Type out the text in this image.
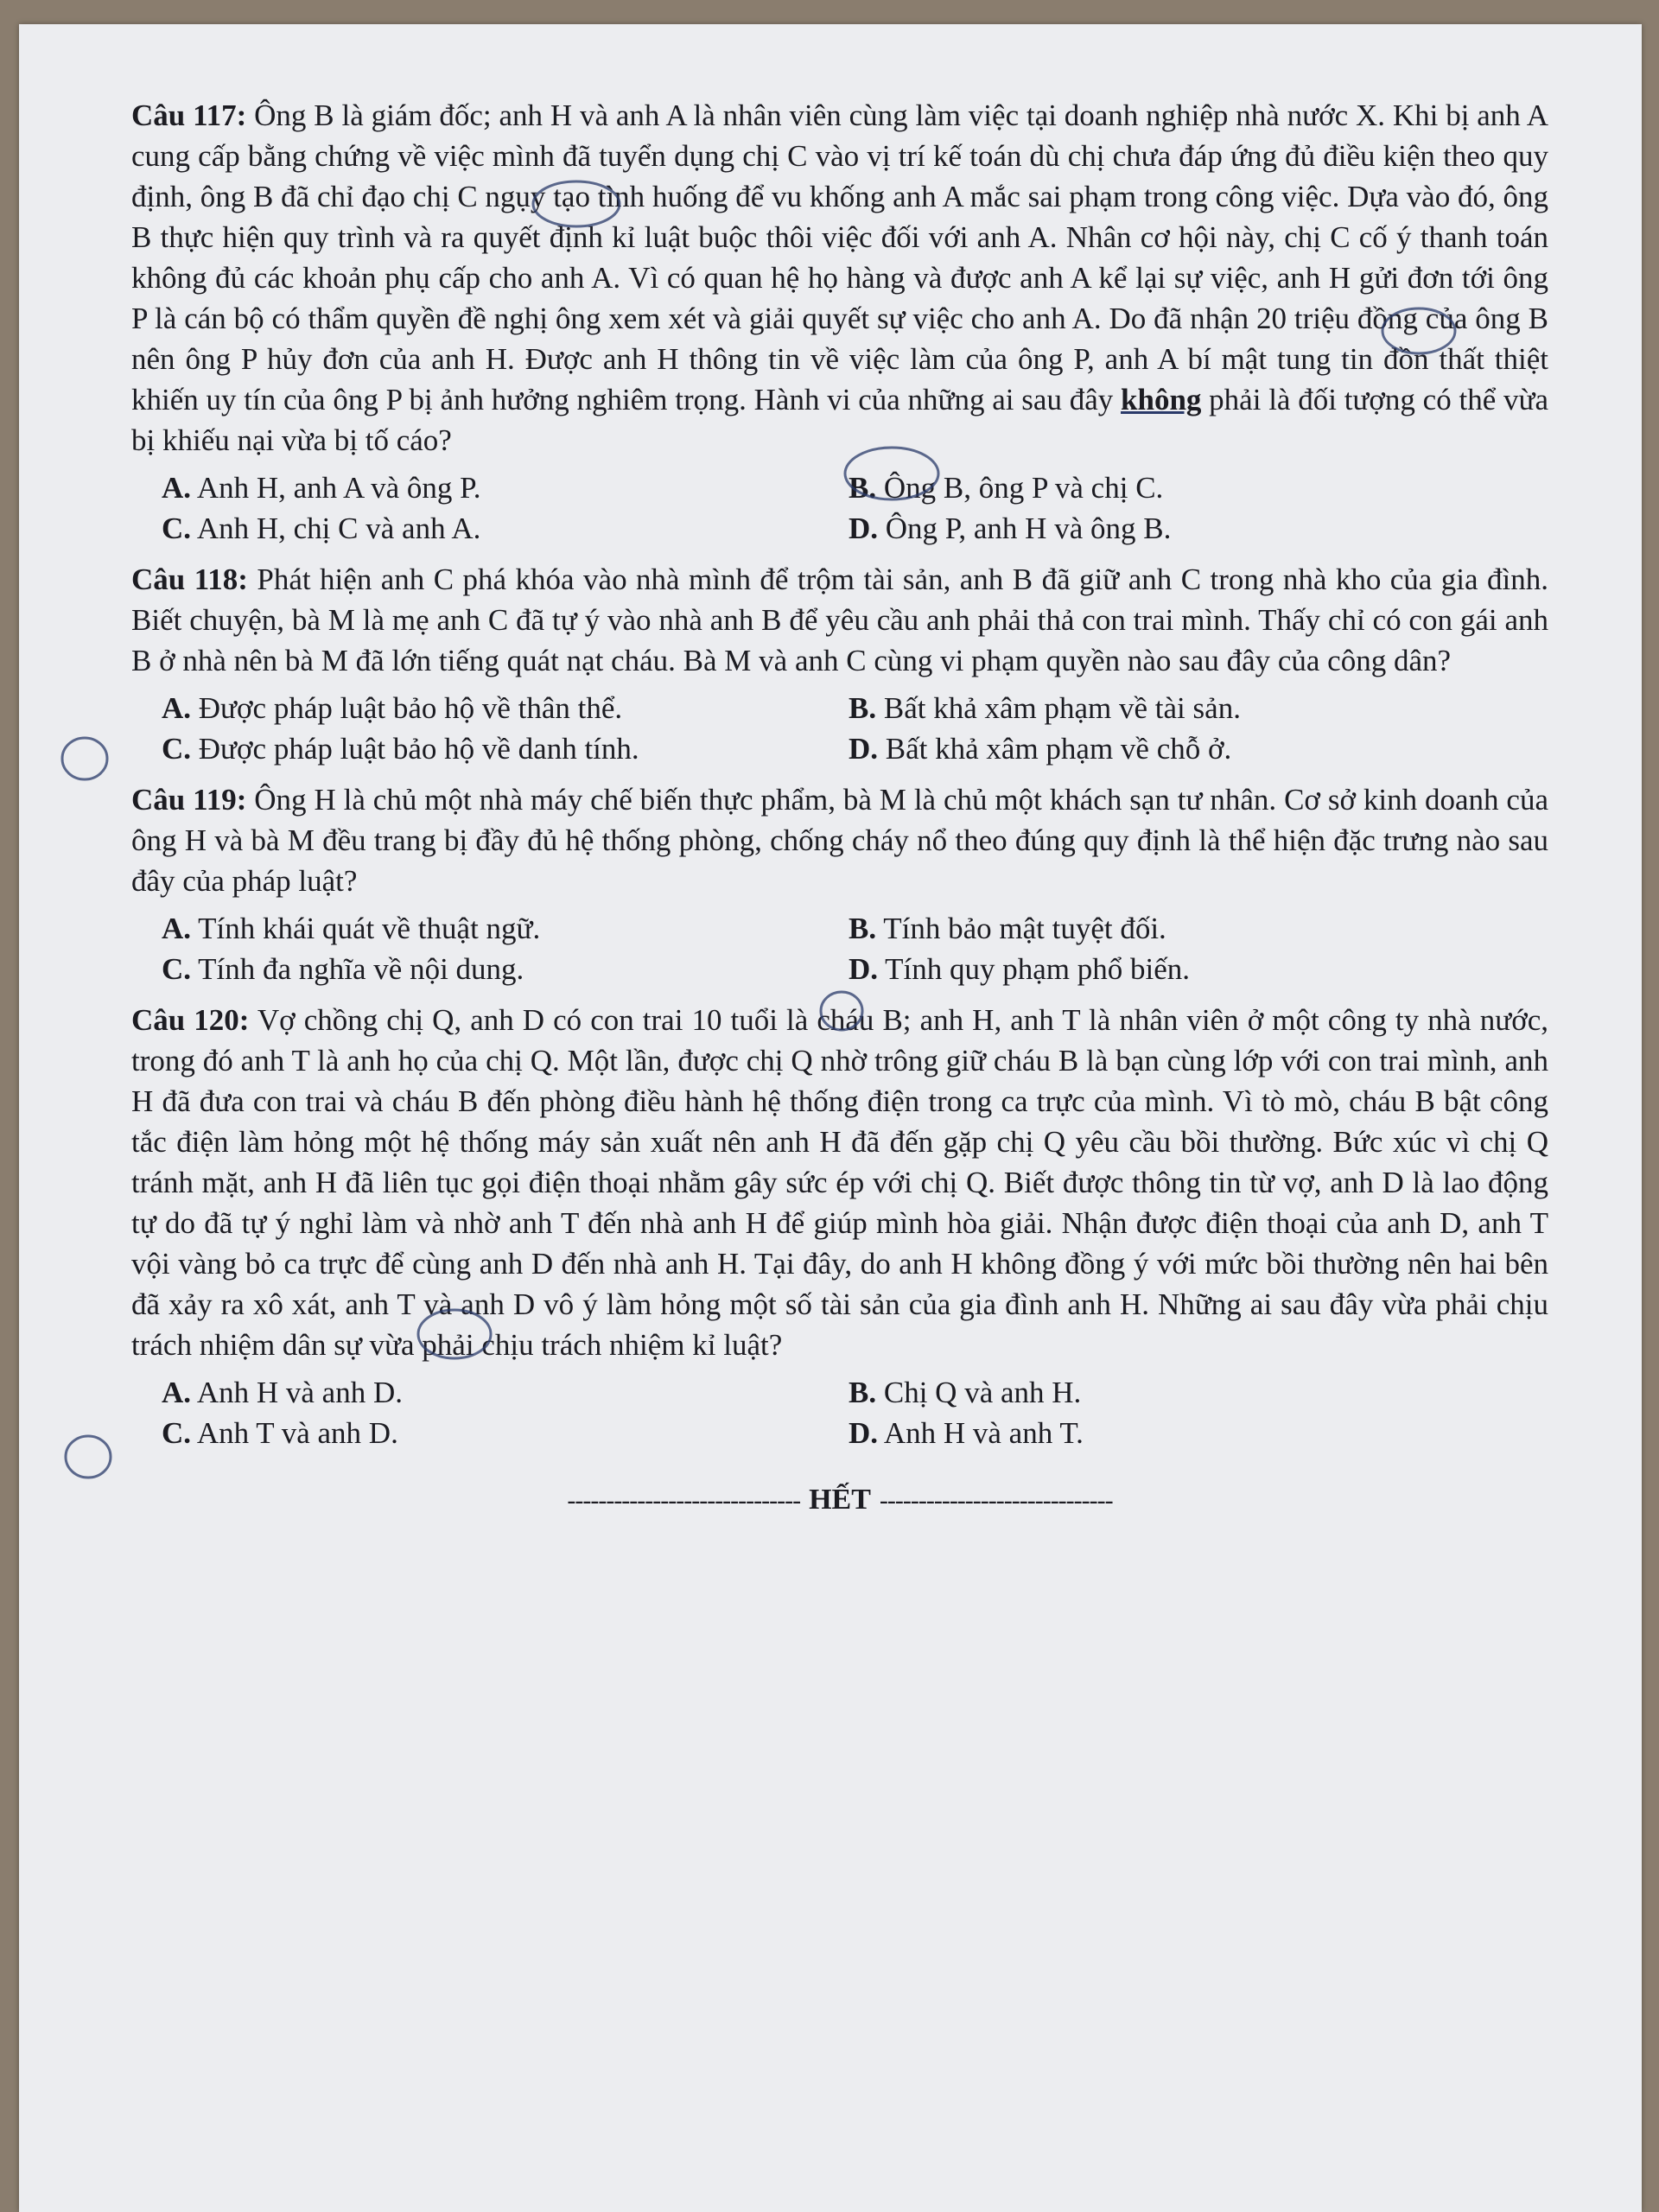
Câu 117: Ông B là giám đốc; anh H và anh A là nhân viên cùng làm việc tại doanh nghiệp nhà nước X. Khi bị anh A cung cấp bằng chứng về việc mình đã tuyển dụng chị C vào vị trí kế toán dù chị chưa đáp ứng đủ điều kiện theo quy định, ông B đã chỉ đạo chị C ngụy tạo tình huống để vu khống anh A mắc sai phạm trong công việc. Dựa vào đó, ông B thực hiện quy trình và ra quyết định kỉ luật buộc thôi việc đối với anh A. Nhân cơ hội này, chị C cố ý thanh toán không đủ các khoản phụ cấp cho anh A. Vì có quan hệ họ hàng và được anh A kể lại sự việc, anh H gửi đơn tới ông P là cán bộ có thẩm quyền đề nghị ông xem xét và giải quyết sự việc cho anh A. Do đã nhận 20 triệu đồng của ông B nên ông P hủy đơn của anh H. Được anh H thông tin về việc làm của ông P, anh A bí mật tung tin đồn thất thiệt khiến uy tín của ông P bị ảnh hưởng nghiêm trọng. Hành vi của những ai sau đây không phải là đối tượng có thể vừa bị khiếu nại vừa bị tố cáo?

A. Anh H, anh A và ông P.	B. Ông B, ông P và chị C.
C. Anh H, chị C và anh A.	D. Ông P, anh H và ông B.

Câu 118: Phát hiện anh C phá khóa vào nhà mình để trộm tài sản, anh B đã giữ anh C trong nhà kho của gia đình. Biết chuyện, bà M là mẹ anh C đã tự ý vào nhà anh B để yêu cầu anh phải thả con trai mình. Thấy chỉ có con gái anh B ở nhà nên bà M đã lớn tiếng quát nạt cháu. Bà M và anh C cùng vi phạm quyền nào sau đây của công dân?

A. Được pháp luật bảo hộ về thân thể.	B. Bất khả xâm phạm về tài sản.
C. Được pháp luật bảo hộ về danh tính.	D. Bất khả xâm phạm về chỗ ở.

Câu 119: Ông H là chủ một nhà máy chế biến thực phẩm, bà M là chủ một khách sạn tư nhân. Cơ sở kinh doanh của ông H và bà M đều trang bị đầy đủ hệ thống phòng, chống cháy nổ theo đúng quy định là thể hiện đặc trưng nào sau đây của pháp luật?

A. Tính khái quát về thuật ngữ.	B. Tính bảo mật tuyệt đối.
C. Tính đa nghĩa về nội dung.	D. Tính quy phạm phổ biến.

Câu 120: Vợ chồng chị Q, anh D có con trai 10 tuổi là cháu B; anh H, anh T là nhân viên ở một công ty nhà nước, trong đó anh T là anh họ của chị Q. Một lần, được chị Q nhờ trông giữ cháu B là bạn cùng lớp với con trai mình, anh H đã đưa con trai và cháu B đến phòng điều hành hệ thống điện trong ca trực của mình. Vì tò mò, cháu B bật công tắc điện làm hỏng một hệ thống máy sản xuất nên anh H đã đến gặp chị Q yêu cầu bồi thường. Bức xúc vì chị Q tránh mặt, anh H đã liên tục gọi điện thoại nhằm gây sức ép với chị Q. Biết được thông tin từ vợ, anh D là lao động tự do đã tự ý nghỉ làm và nhờ anh T đến nhà anh H để giúp mình hòa giải. Nhận được điện thoại của anh D, anh T vội vàng bỏ ca trực để cùng anh D đến nhà anh H. Tại đây, do anh H không đồng ý với mức bồi thường nên hai bên đã xảy ra xô xát, anh T và anh D vô ý làm hỏng một số tài sản của gia đình anh H. Những ai sau đây vừa phải chịu trách nhiệm dân sự vừa phải chịu trách nhiệm kỉ luật?

A. Anh H và anh D.	B. Chị Q và anh H.
C. Anh T và anh D.	D. Anh H và anh T.
------------------------------ HẾT ------------------------------
